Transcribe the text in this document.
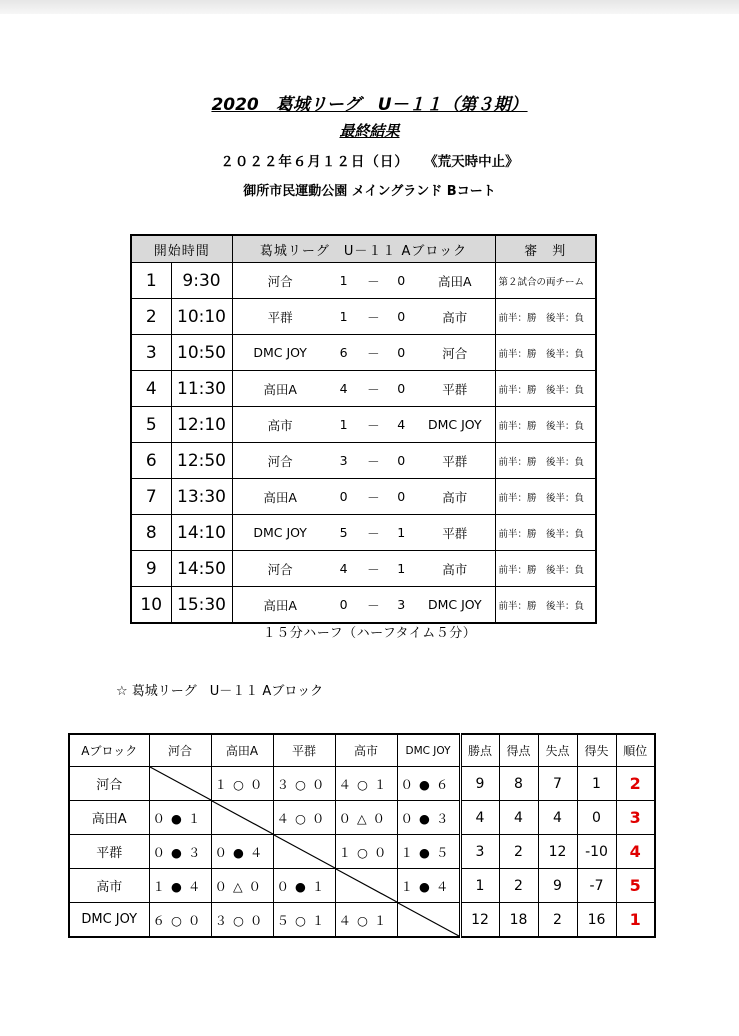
2020　葛城リーグ　U－１１（第３期）
最終結果
２０２２年６月１２日（日） 《荒天時中止》
御所市民運動公園 メイングランド Bコート
開始時間		葛城リーグ　U－１１ Aブロック	審　判
1	9:30	河合 1 － 0 高田A	第２試合の両チーム
2	10:10	平群 1 － 0 高市	前半：勝　後半：負
3	10:50	DMC JOY 6 － 0 河合	前半：勝　後半：負
4	11:30	高田A 4 － 0 平群	前半：勝　後半：負
5	12:10	高市 1 － 4 DMC JOY	前半：勝　後半：負
6	12:50	河合 3 － 0 平群	前半：勝　後半：負
7	13:30	高田A 0 － 0 高市	前半：勝　後半：負
8	14:10	DMC JOY 5 － 1 平群	前半：勝　後半：負
9	14:50	河合 4 － 1 高市	前半：勝　後半：負
10	15:30	高田A 0 － 3 DMC JOY	前半：勝　後半：負
１５分ハーフ（ハーフタイム５分）
☆ 葛城リーグ　U－１１ Aブロック
Aブロック	河合	高田A	平群	高市	DMC JOY	勝点	得点	失点	得失	順位
河合		１ ○ ０	３ ○ ０	４ ○ １	０ ● ６	9	8	7	1	2
高田A	０ ● １		４ ○ ０	０ △ ０	０ ● ３	4	4	4	0	3
平群	０ ● ３	０ ● ４		１ ○ ０	１ ● ５	3	2	12	-10	4
高市	１ ● ４	０ △ ０	０ ● １		１ ● ４	1	2	9	-7	5
DMC JOY	６ ○ ０	３ ○ ０	５ ○ １	４ ○ １		12	18	2	16	1
